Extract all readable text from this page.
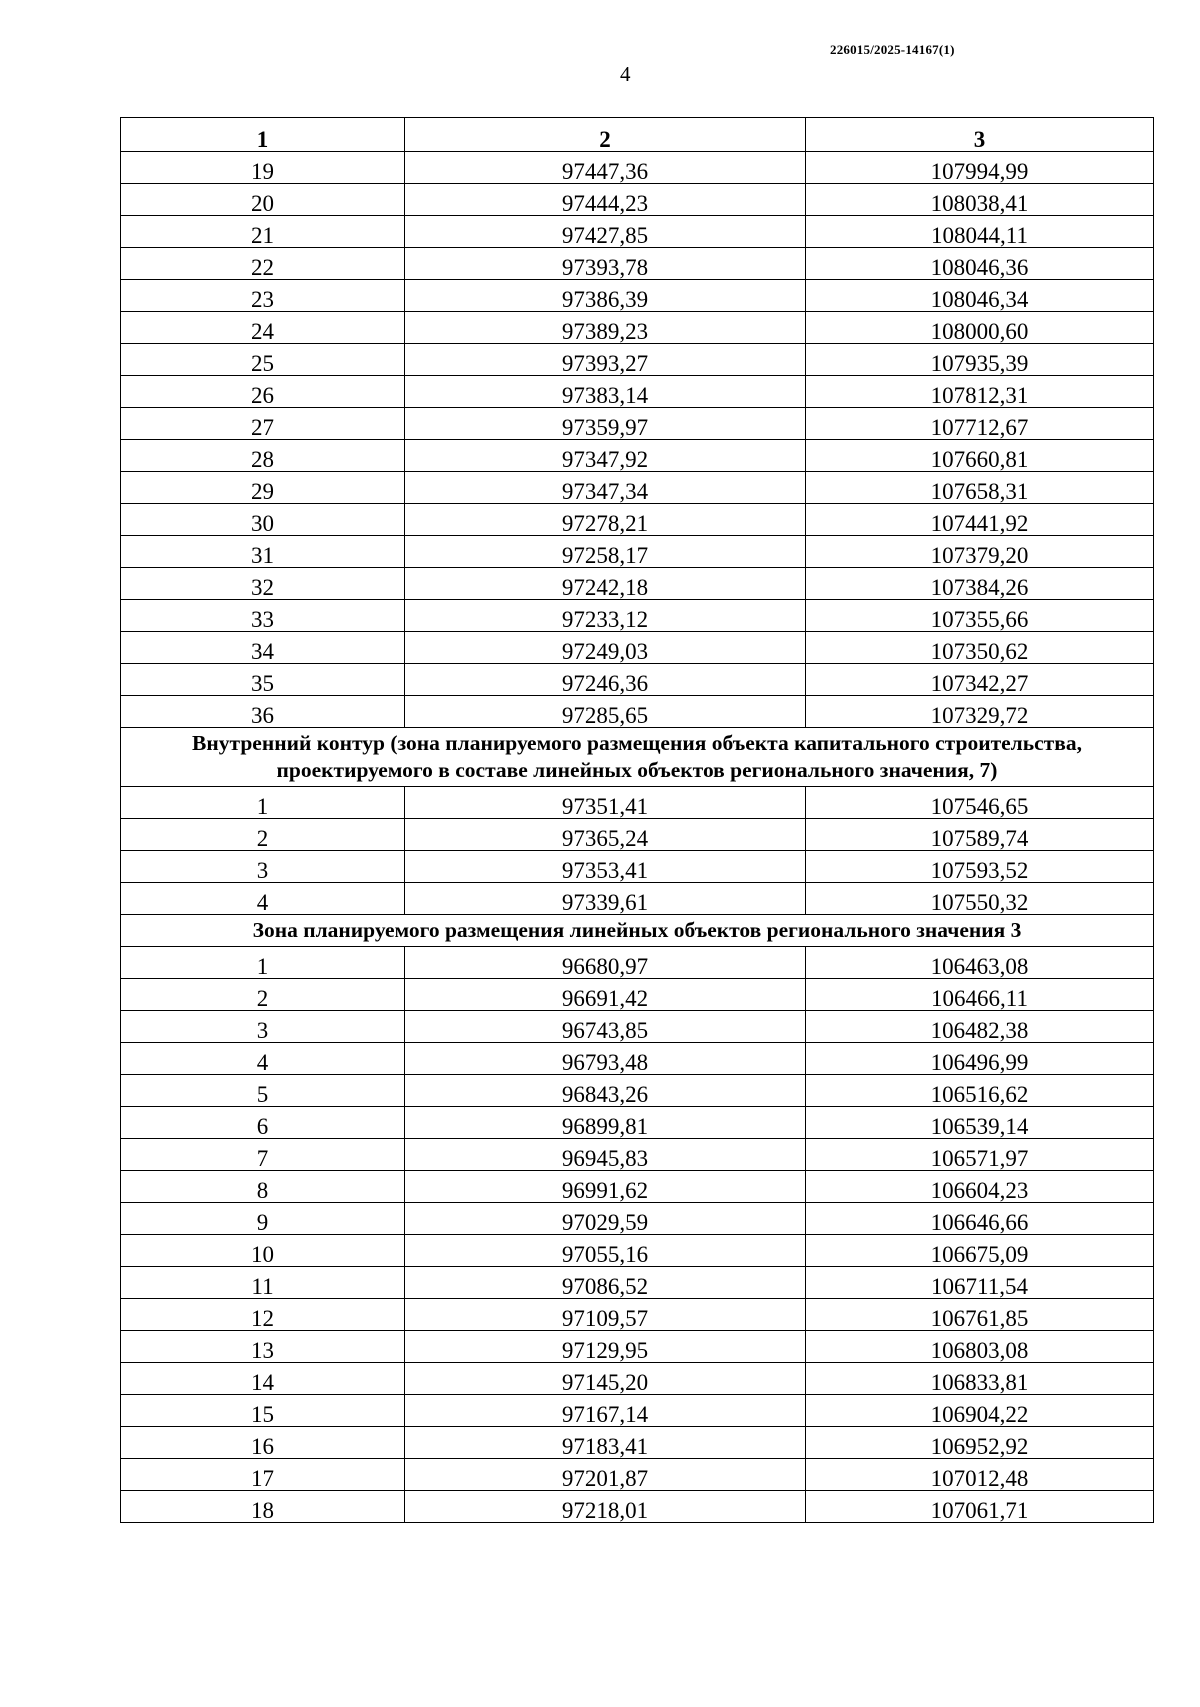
226015/2025-14167(1)
4
1	2	3
19	97447,36	107994,99
20	97444,23	108038,41
21	97427,85	108044,11
22	97393,78	108046,36
23	97386,39	108046,34
24	97389,23	108000,60
25	97393,27	107935,39
26	97383,14	107812,31
27	97359,97	107712,67
28	97347,92	107660,81
29	97347,34	107658,31
30	97278,21	107441,92
31	97258,17	107379,20
32	97242,18	107384,26
33	97233,12	107355,66
34	97249,03	107350,62
35	97246,36	107342,27
36	97285,65	107329,72
Внутренний контур (зона планируемого размещения объекта капитального строительства, проектируемого в составе линейных объектов регионального значения, 7)		
1	97351,41	107546,65
2	97365,24	107589,74
3	97353,41	107593,52
4	97339,61	107550,32
Зона планируемого размещения линейных объектов регионального значения 3		
1	96680,97	106463,08
2	96691,42	106466,11
3	96743,85	106482,38
4	96793,48	106496,99
5	96843,26	106516,62
6	96899,81	106539,14
7	96945,83	106571,97
8	96991,62	106604,23
9	97029,59	106646,66
10	97055,16	106675,09
11	97086,52	106711,54
12	97109,57	106761,85
13	97129,95	106803,08
14	97145,20	106833,81
15	97167,14	106904,22
16	97183,41	106952,92
17	97201,87	107012,48
18	97218,01	107061,71
